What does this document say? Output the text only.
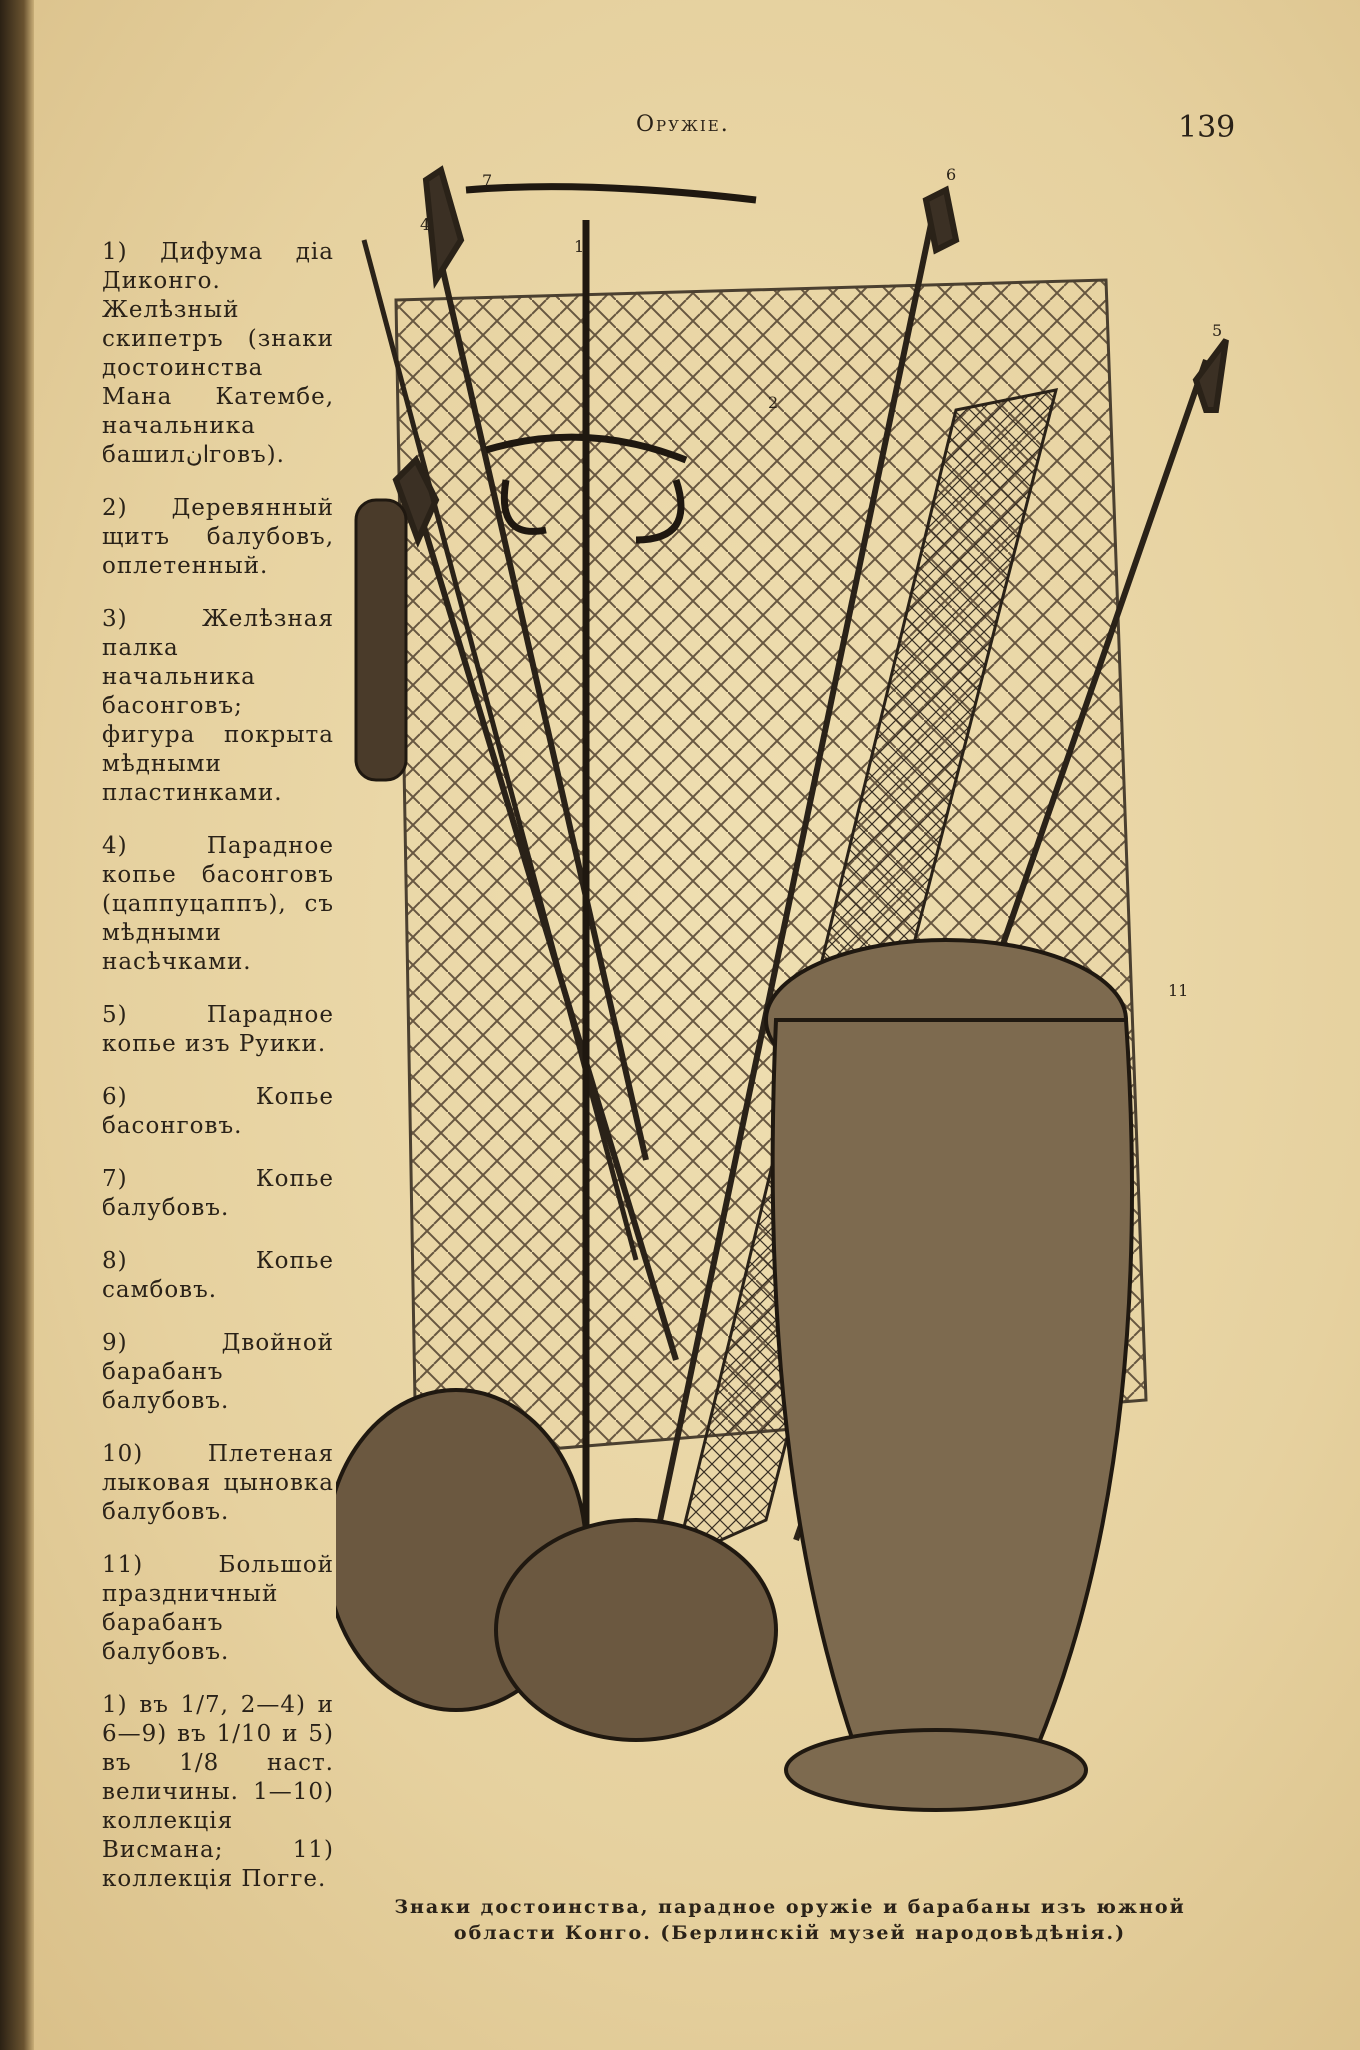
Оружіе.	139

1) Дифума діа Диконго. Желѣзный скипетръ (знаки достоинства Мана Катембе, начальника башилانговъ).

2) Деревянный щитъ балубовъ, оплетенный.

3) Желѣзная палка начальника басонговъ; фигура покрыта мѣдными пластинками.

4) Парадное копье басонговъ (цаппуцаппъ), съ мѣдными насѣчками.

5) Парадное копье изъ Руики.

6) Копье басонговъ.

7) Копье балубовъ.

8) Копье самбовъ.

9) Двойной барабанъ балубовъ.

10) Плетеная лыковая цыновка балубовъ.

11) Большой праздничный барабанъ балубовъ.

1) въ 1/7, 2—4) и 6—9) въ 1/10 и 5) въ 1/8 наст. величины. 1—10) коллекція Висмана; 11) коллекція Погге.

1
2
4
5
6
7
11
Знаки достоинства, парадное оружіе и барабаны изъ южной области Конго. (Берлинскій музей народовѣдѣнія.)
